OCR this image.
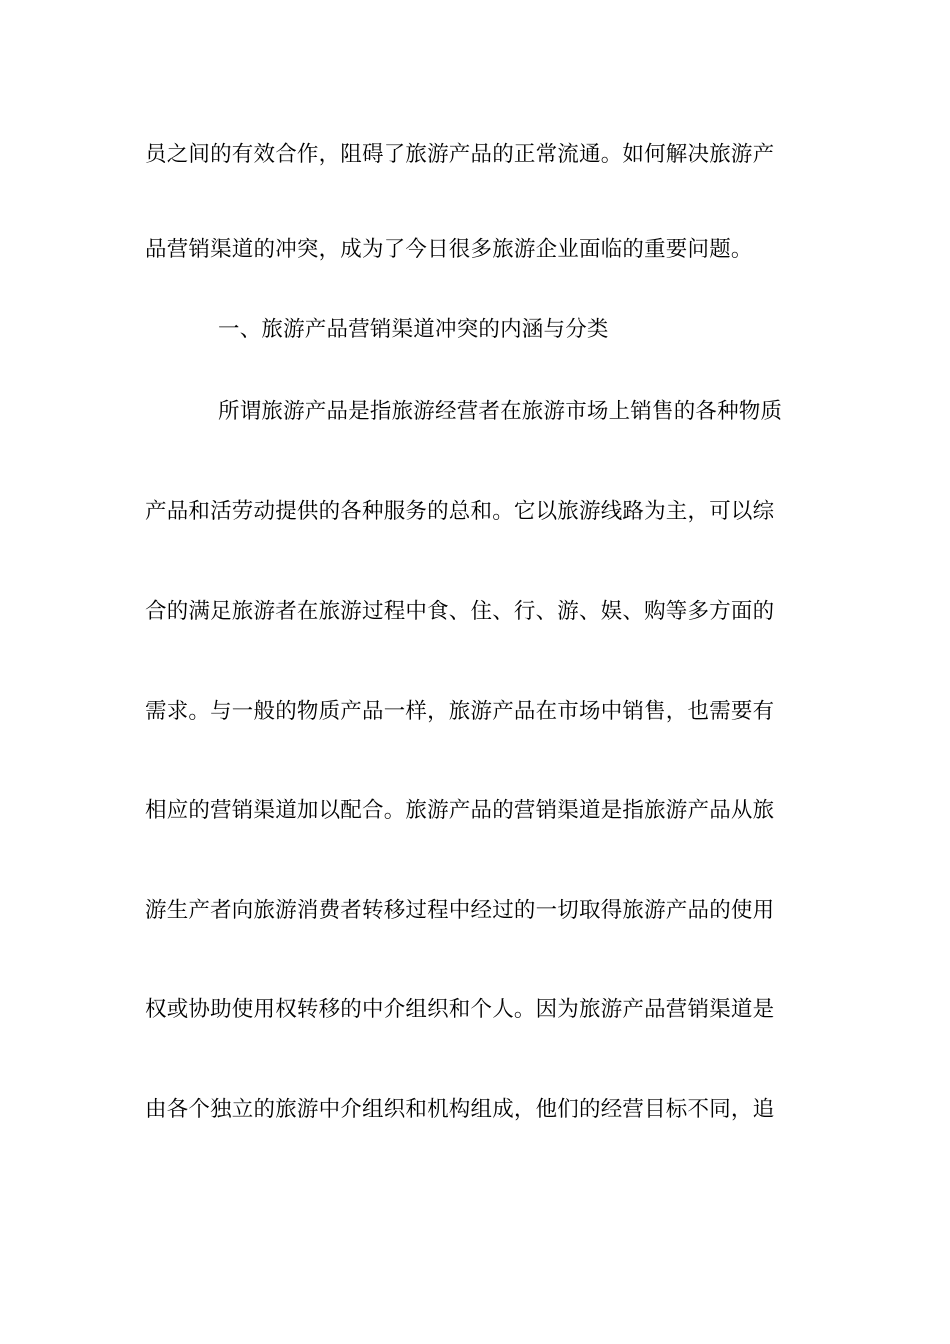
员之间的有效合作，阻碍了旅游产品的正常流通。如何解决旅游产
品营销渠道的冲突，成为了今日很多旅游企业面临的重要问题。
一、旅游产品营销渠道冲突的内涵与分类
所谓旅游产品是指旅游经营者在旅游市场上销售的各种物质
产品和活劳动提供的各种服务的总和。它以旅游线路为主，可以综
合的满足旅游者在旅游过程中食、住、行、游、娱、购等多方面的
需求。与一般的物质产品一样，旅游产品在市场中销售，也需要有
相应的营销渠道加以配合。旅游产品的营销渠道是指旅游产品从旅
游生产者向旅游消费者转移过程中经过的一切取得旅游产品的使用
权或协助使用权转移的中介组织和个人。因为旅游产品营销渠道是
由各个独立的旅游中介组织和机构组成，他们的经营目标不同，追
